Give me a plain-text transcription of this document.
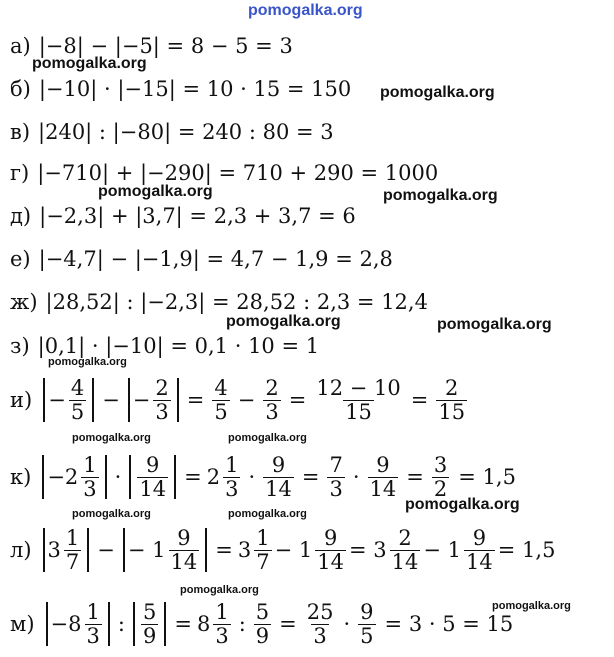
pomogalka.org
а) |−8| − |−5| = 8 − 5 = 3
б) |−10| · |−15| = 10 · 15 = 150
в) |240| : |−80| = 240 : 80 = 3
г) |−710| + |−290| = 710 + 290 = 1000
д) |−2,3| + |3,7| = 2,3 + 3,7 = 6
е) |−4,7| − |−1,9| = 4,7 − 1,9 = 2,8
ж) |28,52| : |−2,3| = 28,52 : 2,3 = 12,4
з) |0,1| · |−10| = 0,1 · 10 = 1
$и) - \frac{4}{5}$ − − $\frac{2}{3} = \frac{4}{5} - \frac{2}{3} = \frac{12 - 10}{15} = \frac{2}{15}$
$к) -2 \frac{1}{3} \cdot \frac{9}{14} = 2 \frac{1}{3} \cdot \frac{9}{14} = \frac{7}{3} \cdot \frac{9}{14} = \frac{3}{2} = 1,5$
л) $3 \frac{1}{7}$ − − $1 \frac{9}{14} = 3 \frac{1}{7} - 1 \frac{9}{14} = 3 \frac{2}{14} - 1 \frac{9}{14} = 1,5$
$м) -8 \frac{1}{3}$ : $\frac{5}{9} = 8 \frac{1}{3}$ : $\frac{5}{9} = \frac{25}{3} \cdot \frac{9}{5} = 3 \cdot 5 = 15$
pomogalka.org
pomogalka.org
pomogalka.org	pomogalka.org
pomogalka.org	pomogalka.org
pomogalka.org
pomogalka.org	pomogalka.org
pomogalka.org
pomogalka.org	pomogalka.org
pomogalka.org
pomogalka.org
